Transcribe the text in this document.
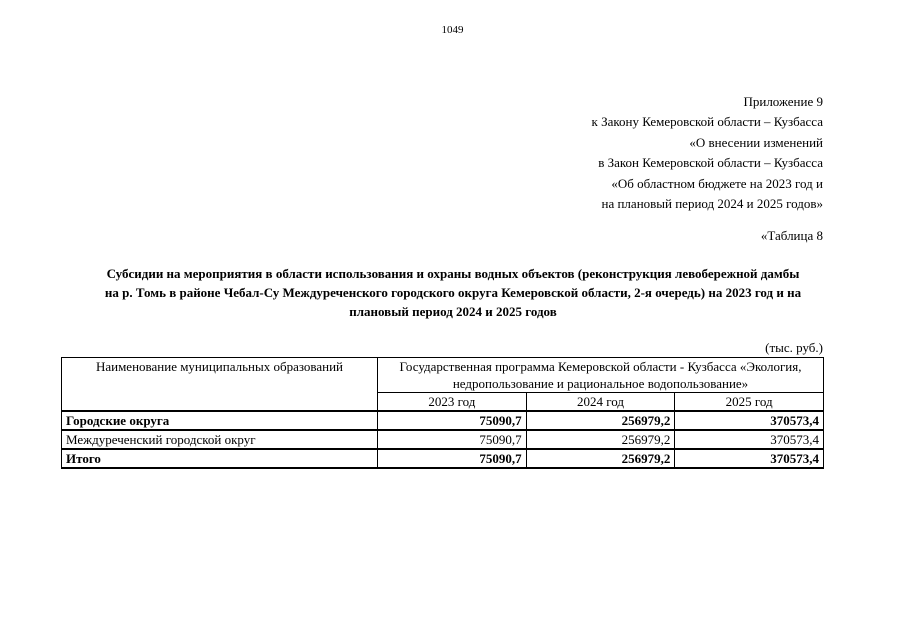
1049
Приложение 9
к Закону Кемеровской области – Кузбасса
«О внесении изменений
в Закон Кемеровской области – Кузбасса
«Об областном бюджете на 2023 год и
на плановый период 2024 и 2025 годов»
«Таблица 8
Субсидии на мероприятия в области использования и охраны водных объектов (реконструкция левобережной дамбы
на р. Томь в районе Чебал-Су Междуреченского городского округа Кемеровской области, 2-я очередь) на 2023 год и на
плановый период 2024 и 2025 годов
(тыс. руб.)
Наименование муниципальных образований	Государственная программа Кемеровской области - Кузбасса «Экология, недропользование и рациональное водопользование»		
	2023 год	2024 год	2025 год
Городские округа	75090,7	256979,2	370573,4
Междуреченский городской округ	75090,7	256979,2	370573,4
Итого	75090,7	256979,2	370573,4
